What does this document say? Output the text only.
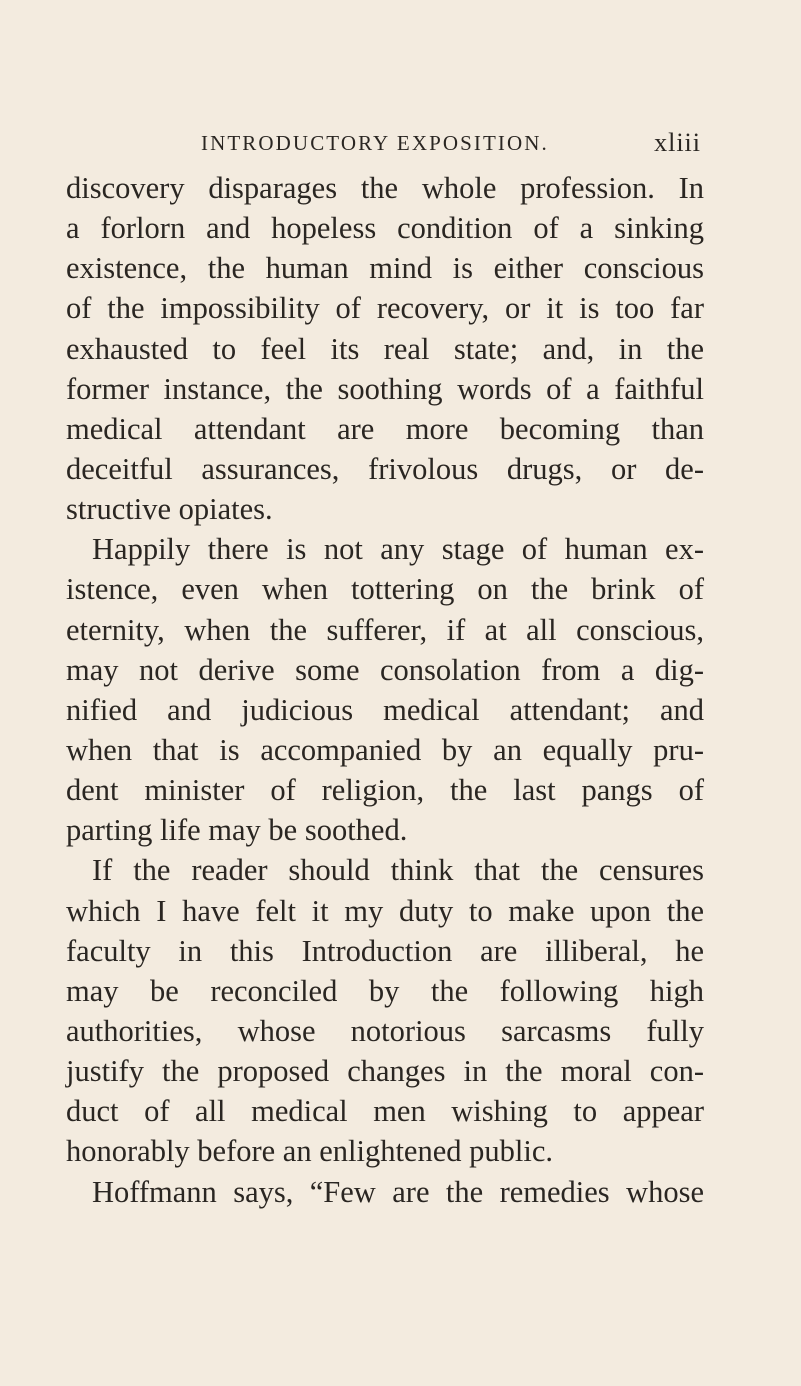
INTRODUCTORY EXPOSITION.	xliii
discovery disparages the whole profession. In
a forlorn and hopeless condition of a sinking
existence, the human mind is either conscious
of the impossibility of recovery, or it is too far
exhausted to feel its real state; and, in the
former instance, the soothing words of a faithful
medical attendant are more becoming than
deceitful assurances, frivolous drugs, or de-
structive opiates.
Happily there is not any stage of human ex-
istence, even when tottering on the brink of
eternity, when the sufferer, if at all conscious,
may not derive some consolation from a dig-
nified and judicious medical attendant; and
when that is accompanied by an equally pru-
dent minister of religion, the last pangs of
parting life may be soothed.
If the reader should think that the censures
which I have felt it my duty to make upon the
faculty in this Introduction are illiberal, he
may be reconciled by the following high
authorities, whose notorious sarcasms fully
justify the proposed changes in the moral con-
duct of all medical men wishing to appear
honorably before an enlightened public.
Hoffmann says, “Few are the remedies whose
